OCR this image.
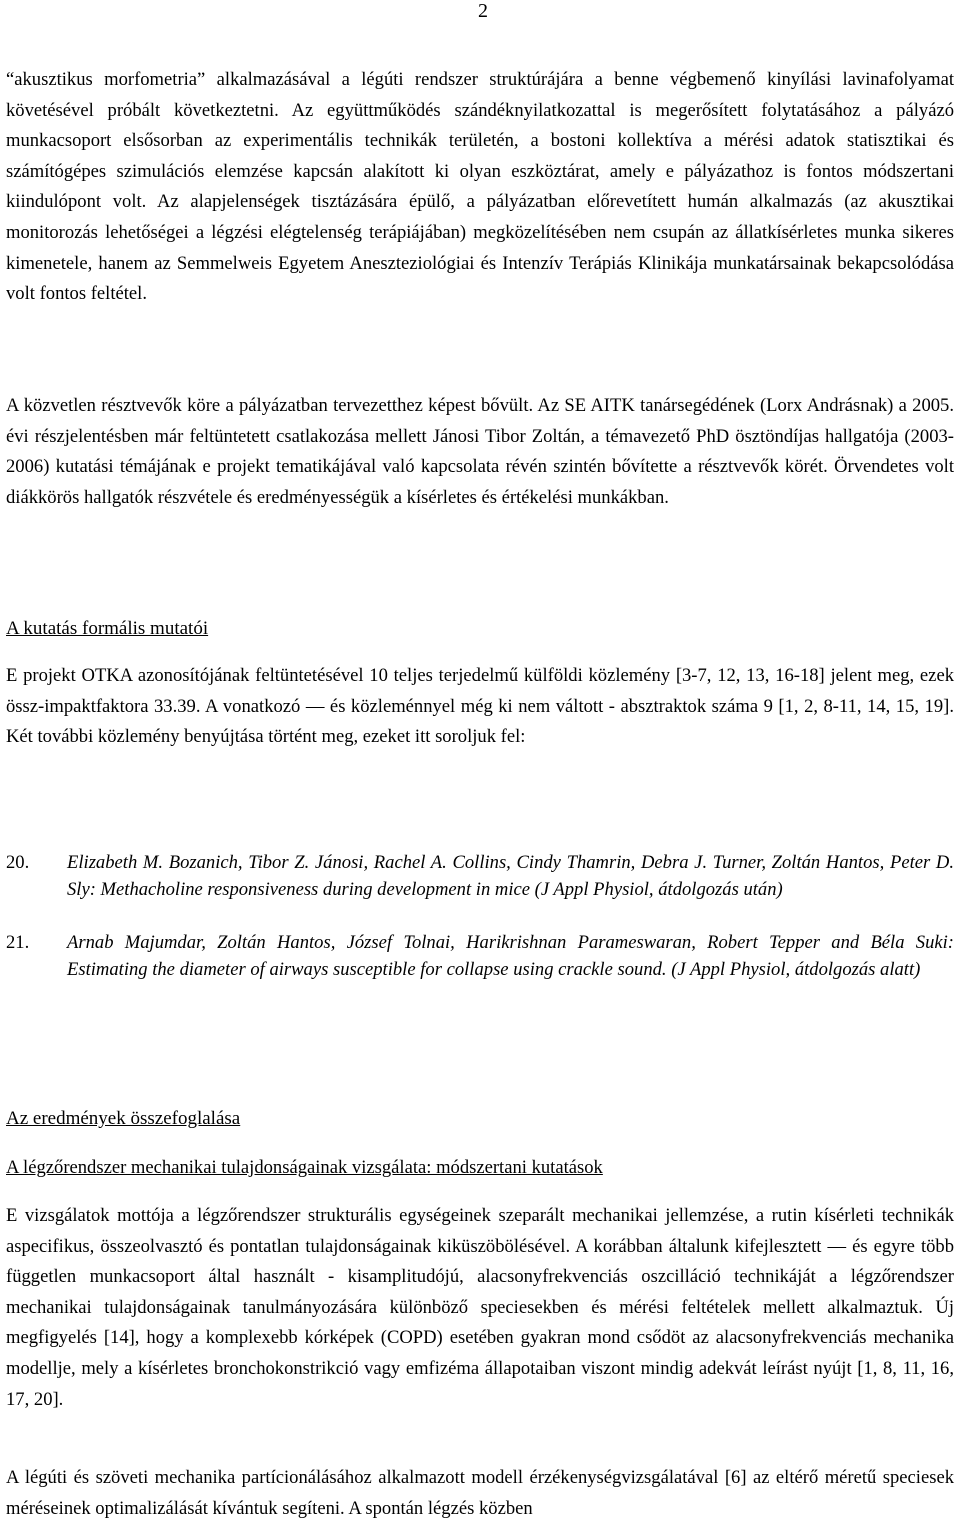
2

“akusztikus morfometria” alkalmazásával a légúti rendszer struktúrájára a benne végbemenő kinyílási lavinafolyamat követésével próbált következtetni. Az együttműködés szándéknyilatkozattal is megerősített folytatásához a pályázó munkacsoport elsősorban az experimentális technikák területén, a bostoni kollektíva a mérési adatok statisztikai és számítógépes szimulációs elemzése kapcsán alakított ki olyan eszköztárat, amely e pályázathoz is fontos módszertani kiindulópont volt. Az alapjelenségek tisztázására épülő, a pályázatban előrevetített humán alkalmazás (az akusztikai monitorozás lehetőségei a légzési elégtelenség terápiájában) megközelítésében nem csupán az állatkísérletes munka sikeres kimenetele, hanem az Semmelweis Egyetem Aneszteziológiai és Intenzív Terápiás Klinikája munkatársainak bekapcsolódása volt fontos feltétel.

A közvetlen résztvevők köre a pályázatban tervezetthez képest bővült. Az SE AITK tanársegédének (Lorx Andrásnak) a 2005. évi részjelentésben már feltüntetett csatlakozása mellett Jánosi Tibor Zoltán, a témavezető PhD ösztöndíjas hallgatója (2003-2006) kutatási témájának e projekt tematikájával való kapcsolata révén szintén bővítette a résztvevők körét. Örvendetes volt diákkörös hallgatók részvétele és eredményességük a kísérletes és értékelési munkákban.

A kutatás formális mutatói

E projekt OTKA azonosítójának feltüntetésével 10 teljes terjedelmű külföldi közlemény [3-7, 12, 13, 16-18] jelent meg, ezek össz-impaktfaktora 33.39. A vonatkozó ― és közleménnyel még ki nem váltott - absztraktok száma 9 [1, 2, 8-11, 14, 15, 19]. Két további közlemény benyújtása történt meg, ezeket itt soroljuk fel:

20. Elizabeth M. Bozanich, Tibor Z. Jánosi, Rachel A. Collins, Cindy Thamrin, Debra J. Turner, Zoltán Hantos, Peter D. Sly: Methacholine responsiveness during development in mice (J Appl Physiol, átdolgozás után)
21. Arnab Majumdar, Zoltán Hantos, József Tolnai, Harikrishnan Parameswaran, Robert Tepper and Béla Suki: Estimating the diameter of airways susceptible for collapse using crackle sound. (J Appl Physiol, átdolgozás alatt)
Az eredmények összefoglalása
A légzőrendszer mechanikai tulajdonságainak vizsgálata: módszertani kutatások

E vizsgálatok mottója a légzőrendszer strukturális egységeinek szeparált mechanikai jellemzése, a rutin kísérleti technikák aspecifikus, összeolvasztó és pontatlan tulajdonságainak kiküszöbölésével. A korábban általunk kifejlesztett ― és egyre több független munkacsoport által használt - kisamplitudójú, alacsonyfrekvenciás oszcilláció technikáját a légzőrendszer mechanikai tulajdonságainak tanulmányozására különböző speciesekben és mérési feltételek mellett alkalmaztuk. Új megfigyelés [14], hogy a komplexebb kórképek (COPD) esetében gyakran mond csődöt az alacsonyfrekvenciás mechanika modellje, mely a kísérletes bronchokonstrikció vagy emfizéma állapotaiban viszont mindig adekvát leírást nyújt [1, 8, 11, 16, 17, 20].

A légúti és szöveti mechanika partícionálásához alkalmazott modell érzékenységvizsgálatával [6] az eltérő méretű speciesek méréseinek optimalizálását kívántuk segíteni. A spontán légzés közben
